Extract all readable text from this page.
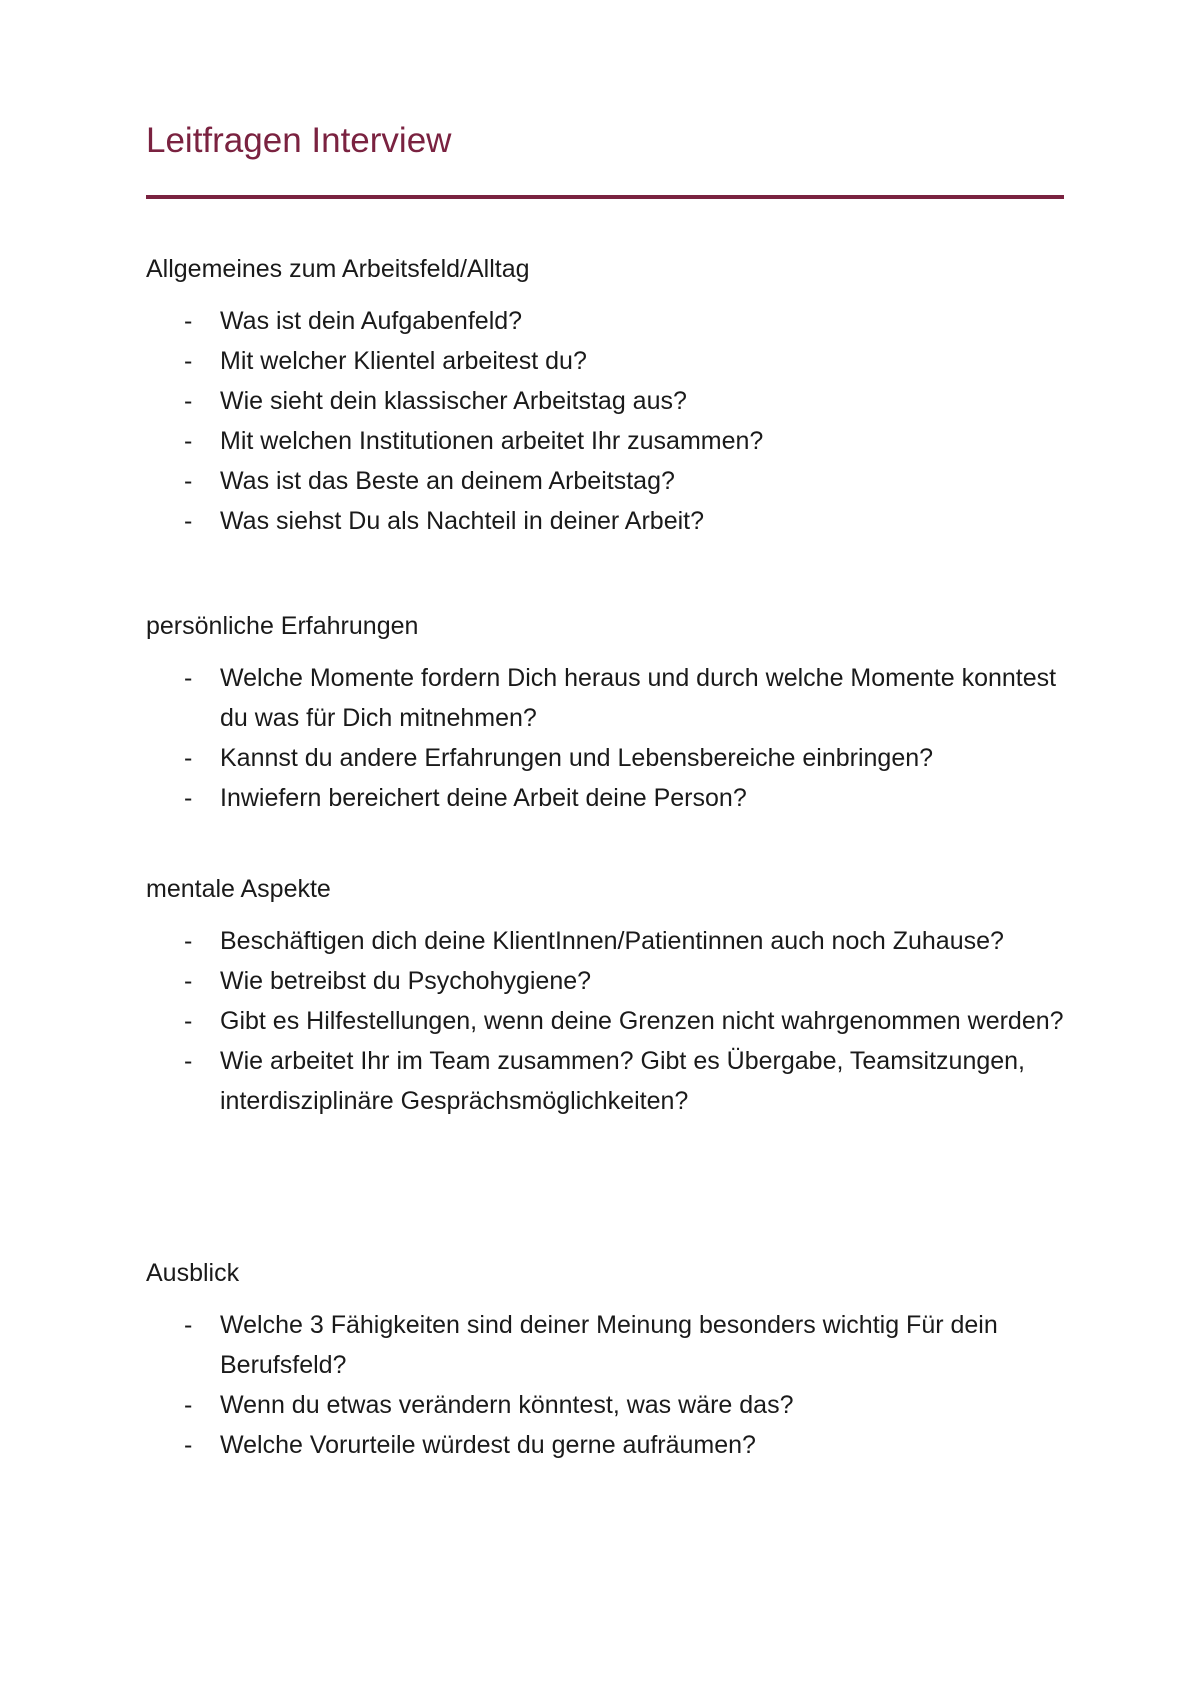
Leitfragen Interview
Allgemeines zum Arbeitsfeld/Alltag
- Was ist dein Aufgabenfeld?
- Mit welcher Klientel arbeitest du?
- Wie sieht dein klassischer Arbeitstag aus?
- Mit welchen Institutionen arbeitet Ihr zusammen?
- Was ist das Beste an deinem Arbeitstag?
- Was siehst Du als Nachteil in deiner Arbeit?
persönliche Erfahrungen
- Welche Momente fordern Dich heraus und durch welche Momente konntest du was für Dich mitnehmen?
- Kannst du andere Erfahrungen und Lebensbereiche einbringen?
- Inwiefern bereichert deine Arbeit deine Person?
mentale Aspekte
- Beschäftigen dich deine KlientInnen/Patientinnen auch noch Zuhause?
- Wie betreibst du Psychohygiene?
- Gibt es Hilfestellungen, wenn deine Grenzen nicht wahrgenommen werden?
- Wie arbeitet Ihr im Team zusammen? Gibt es Übergabe, Teamsitzungen, interdisziplinäre Gesprächsmöglichkeiten?
Ausblick
- Welche 3 Fähigkeiten sind deiner Meinung besonders wichtig Für dein Berufsfeld?
- Wenn du etwas verändern könntest, was wäre das?
- Welche Vorurteile würdest du gerne aufräumen?
